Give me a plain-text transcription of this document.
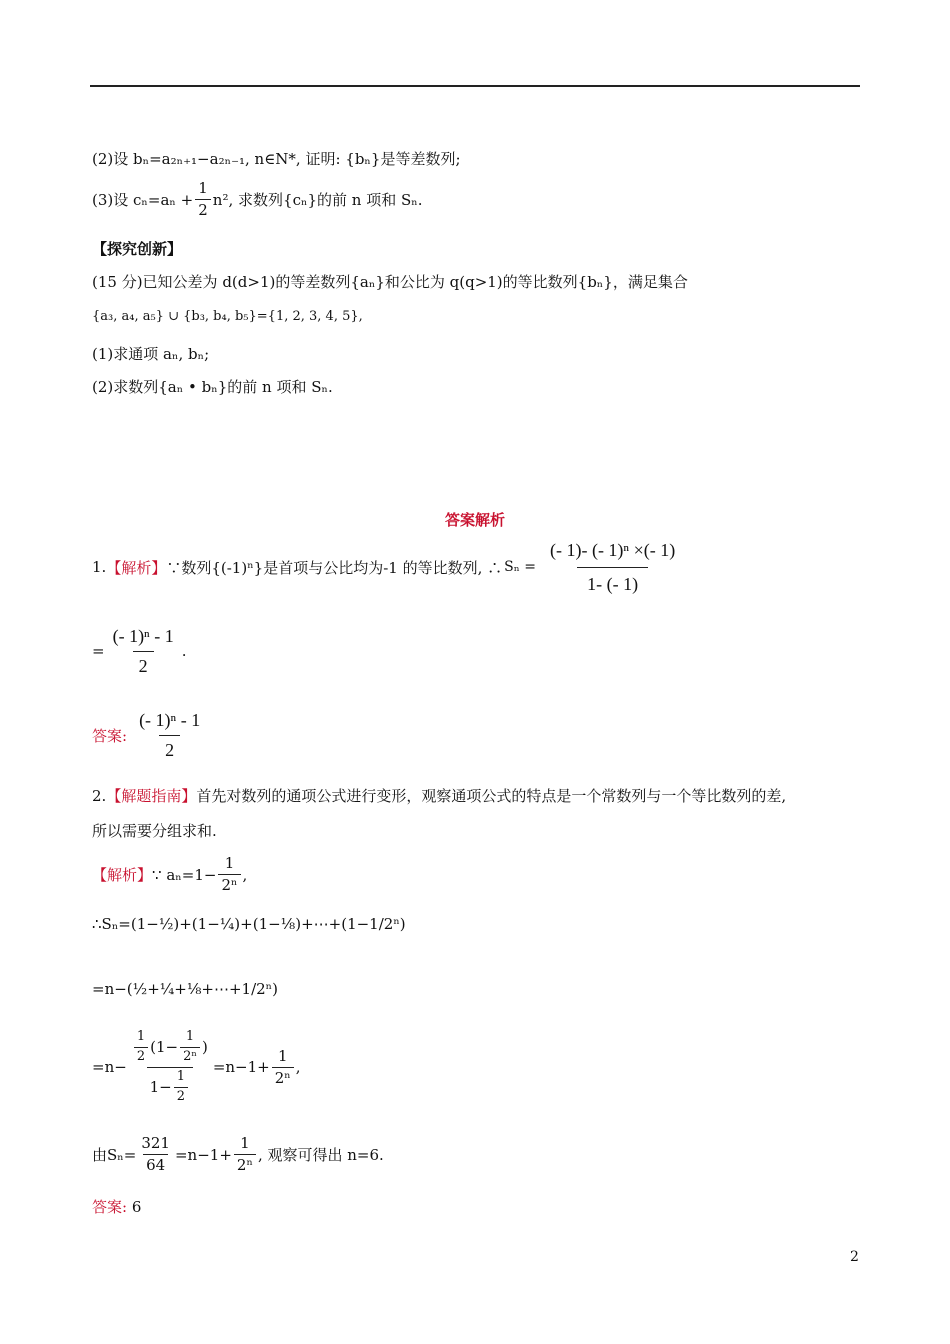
(2)设 bₙ=a₂ₙ₊₁−a₂ₙ₋₁, n∈N*, 证明: {bₙ}是等差数列;
(3)设 $c_n=a_n + \frac{1}{2} n^2$ , 求数列{cₙ}的前 n 项和 Sₙ.
【探究创新】
(15 分)已知公差为 d(d>1)的等差数列{aₙ}和公比为 q(q>1)的等比数列{bₙ}，满足集合
{a₃, a₄, a₅} ∪ {b₃, b₄, b₅}={1, 2, 3, 4, 5},
(1)求通项 aₙ, bₙ;
(2)求数列{aₙ • bₙ}的前 n 项和 Sₙ.
答案解析
1. 【解析】 ∵数列{(-1)ⁿ}是首项与公比均为-1 的等比数列, ∴ $S_n = \frac{\text{(- 1)- (- 1)ⁿ ×(- 1)}}{1- (- 1)}$
= $\frac{\text{(- 1)ⁿ - 1}}{2}$ .
答案: $\frac{\text{(- 1)ⁿ - 1}}{2}$
2.【解题指南】首先对数列的通项公式进行变形，观察通项公式的特点是一个常数列与一个等比数列的差,
所以需要分组求和.
【解析】 ∵ $a_n=1- \frac{1}{\text{2ⁿ}}$ ,
∴Sₙ=(1−½)+(1−¼)+(1−⅛)+⋯+(1−1/2ⁿ)
=n−(½+¼+⅛+⋯+1/2ⁿ)
=n−
$\frac{1}{2} (1- \frac{1}{\text{2ⁿ}}$ )
$1- \frac{1}{2}$
$=n-1+ \frac{1}{\text{2ⁿ}}$ ,
由$S_n= \frac{321}{64} =n-1+ \frac{1}{\text{2ⁿ}}$ , 观察可得出 n=6.
答案: 6
2
